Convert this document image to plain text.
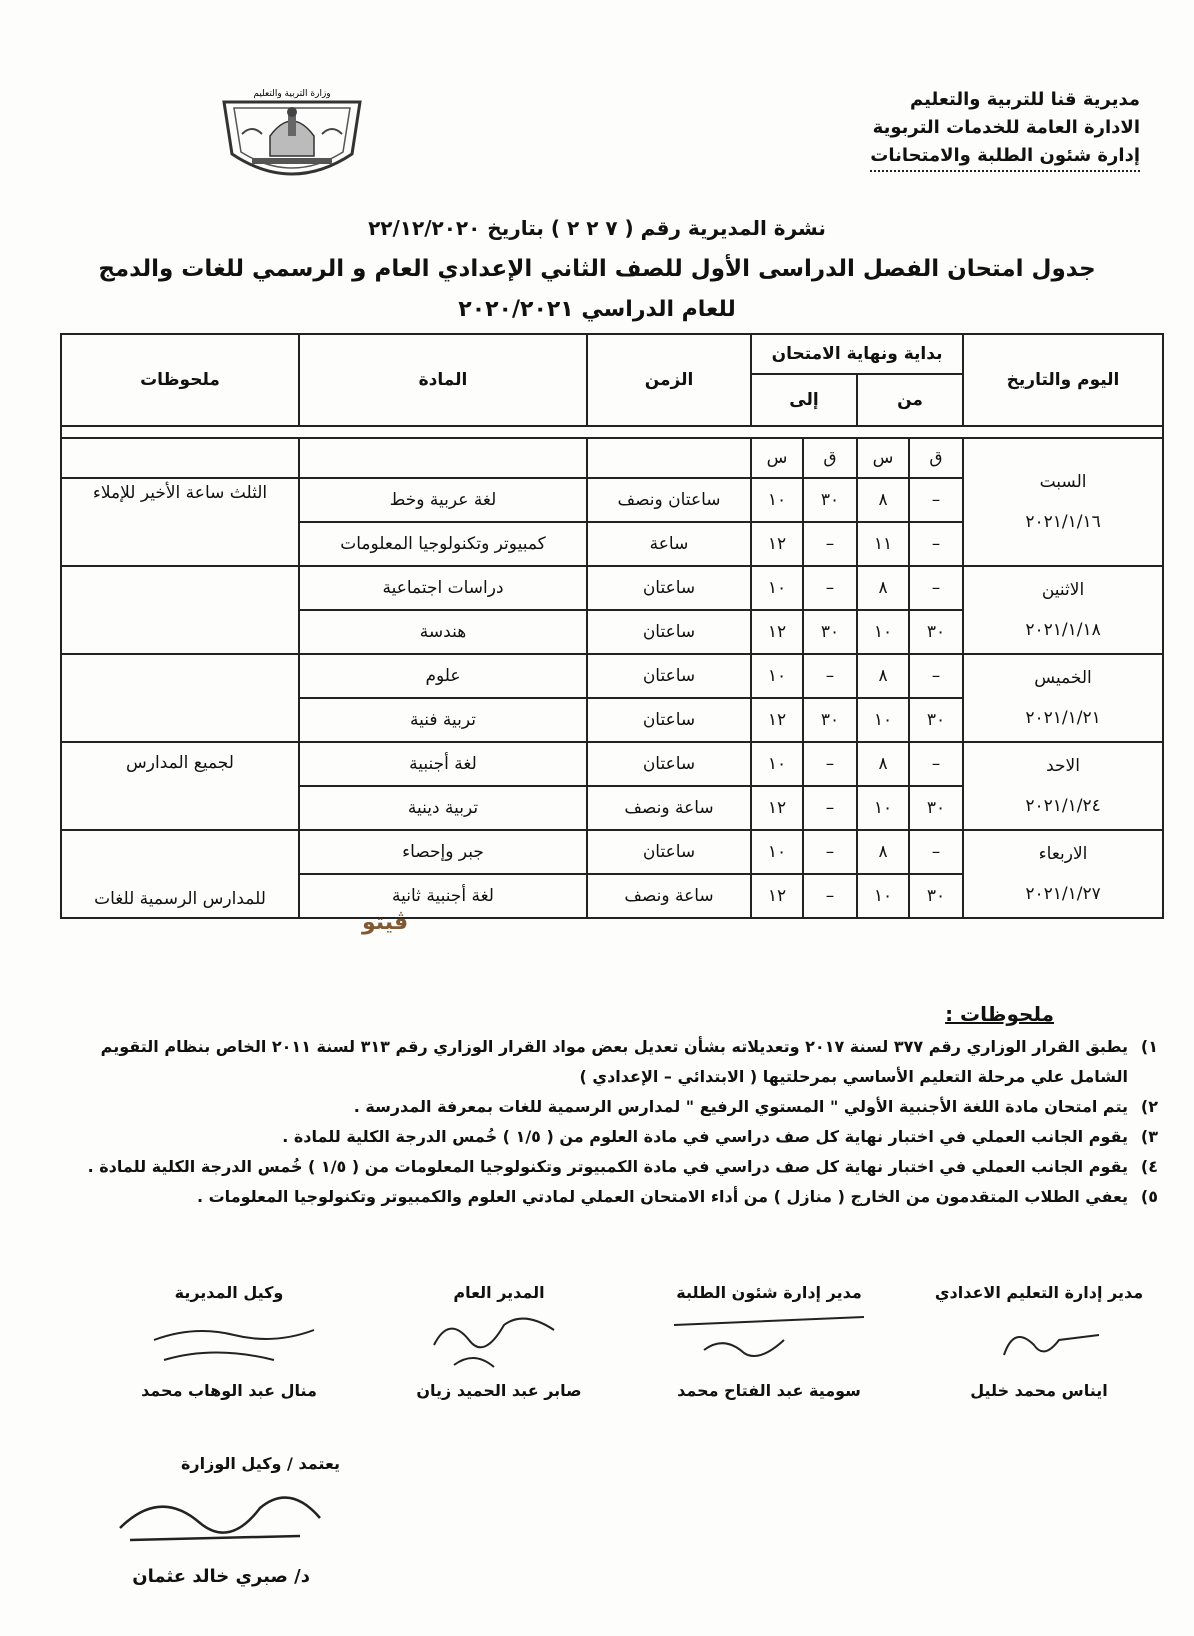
مديرية قنا للتربية والتعليم
الادارة العامة للخدمات التربوية
إدارة شئون الطلبة والامتحانات
وزارة التربية والتعليم
نشرة المديرية رقم ( ٧ ٢ ٢ ) بتاريخ ٢٢/١٢/٢٠٢٠
جدول امتحان الفصل الدراسى الأول للصف الثاني الإعدادي العام و الرسمي للغات والدمج
للعام الدراسي ٢٠٢٠/٢٠٢١
اليوم والتاريخ	بداية ونهاية الامتحان				الزمن	المادة	ملحوظات
	من		إلى				

السبت
٢٠٢١/١/١٦	ق	س	ق	س			
	–	٨	٣٠	١٠	ساعتان ونصف	لغة عربية وخط	الثلث ساعة الأخير للإملاء
	–	١١	–	١٢	ساعة	كمبيوتر وتكنولوجيا المعلومات	

الاثنين
٢٠٢١/١/١٨	–	٨	–	١٠	ساعتان	دراسات اجتماعية	
	٣٠	١٠	٣٠	١٢	ساعتان	هندسة	

الخميس
٢٠٢١/١/٢١	–	٨	–	١٠	ساعتان	علوم	
	٣٠	١٠	٣٠	١٢	ساعتان	تربية فنية	

الاحد
٢٠٢١/١/٢٤	–	٨	–	١٠	ساعتان	لغة أجنبية	لجميع المدارس
	٣٠	١٠	–	١٢	ساعة ونصف	تربية دينية	

الاربعاء
٢٠٢١/١/٢٧	–	٨	–	١٠	ساعتان	جبر وإحصاء	للمدارس الرسمية للغات
	٣٠	١٠	–	١٢	ساعة ونصف	لغة أجنبية ثانية	
ڤيتو
ملحوظات :
١)
يطبق القرار الوزاري رقم ٣٧٧ لسنة ٢٠١٧ وتعديلاته بشأن تعديل بعض مواد القرار الوزاري رقم ٣١٣ لسنة ٢٠١١ الخاص بنظام التقويم الشامل علي مرحلة التعليم الأساسي بمرحلتيها ( الابتدائي – الإعدادي )
٢)
يتم امتحان مادة اللغة الأجنبية الأولي " المستوي الرفيع " لمدارس الرسمية للغات بمعرفة المدرسة .
٣)
يقوم الجانب العملي في اختبار نهاية كل صف دراسي في مادة العلوم من ( ١/٥ ) خُمس الدرجة الكلية للمادة .
٤)
يقوم الجانب العملي في اختبار نهاية كل صف دراسي في مادة الكمبيوتر وتكنولوجيا المعلومات من ( ١/٥ ) خُمس الدرجة الكلية للمادة .
٥)
يعفي الطلاب المتقدمون من الخارج ( منازل ) من أداء الامتحان العملي لمادتي العلوم والكمبيوتر وتكنولوجيا المعلومات .
مدير إدارة التعليم الاعدادي
ايناس محمد خليل
مدير إدارة شئون الطلبة
سومية عبد الفتاح محمد
المدير العام
صابر عبد الحميد زيان
وكيل المديرية
منال عبد الوهاب محمد
يعتمد / وكيل الوزارة
د/ صبري خالد عثمان
